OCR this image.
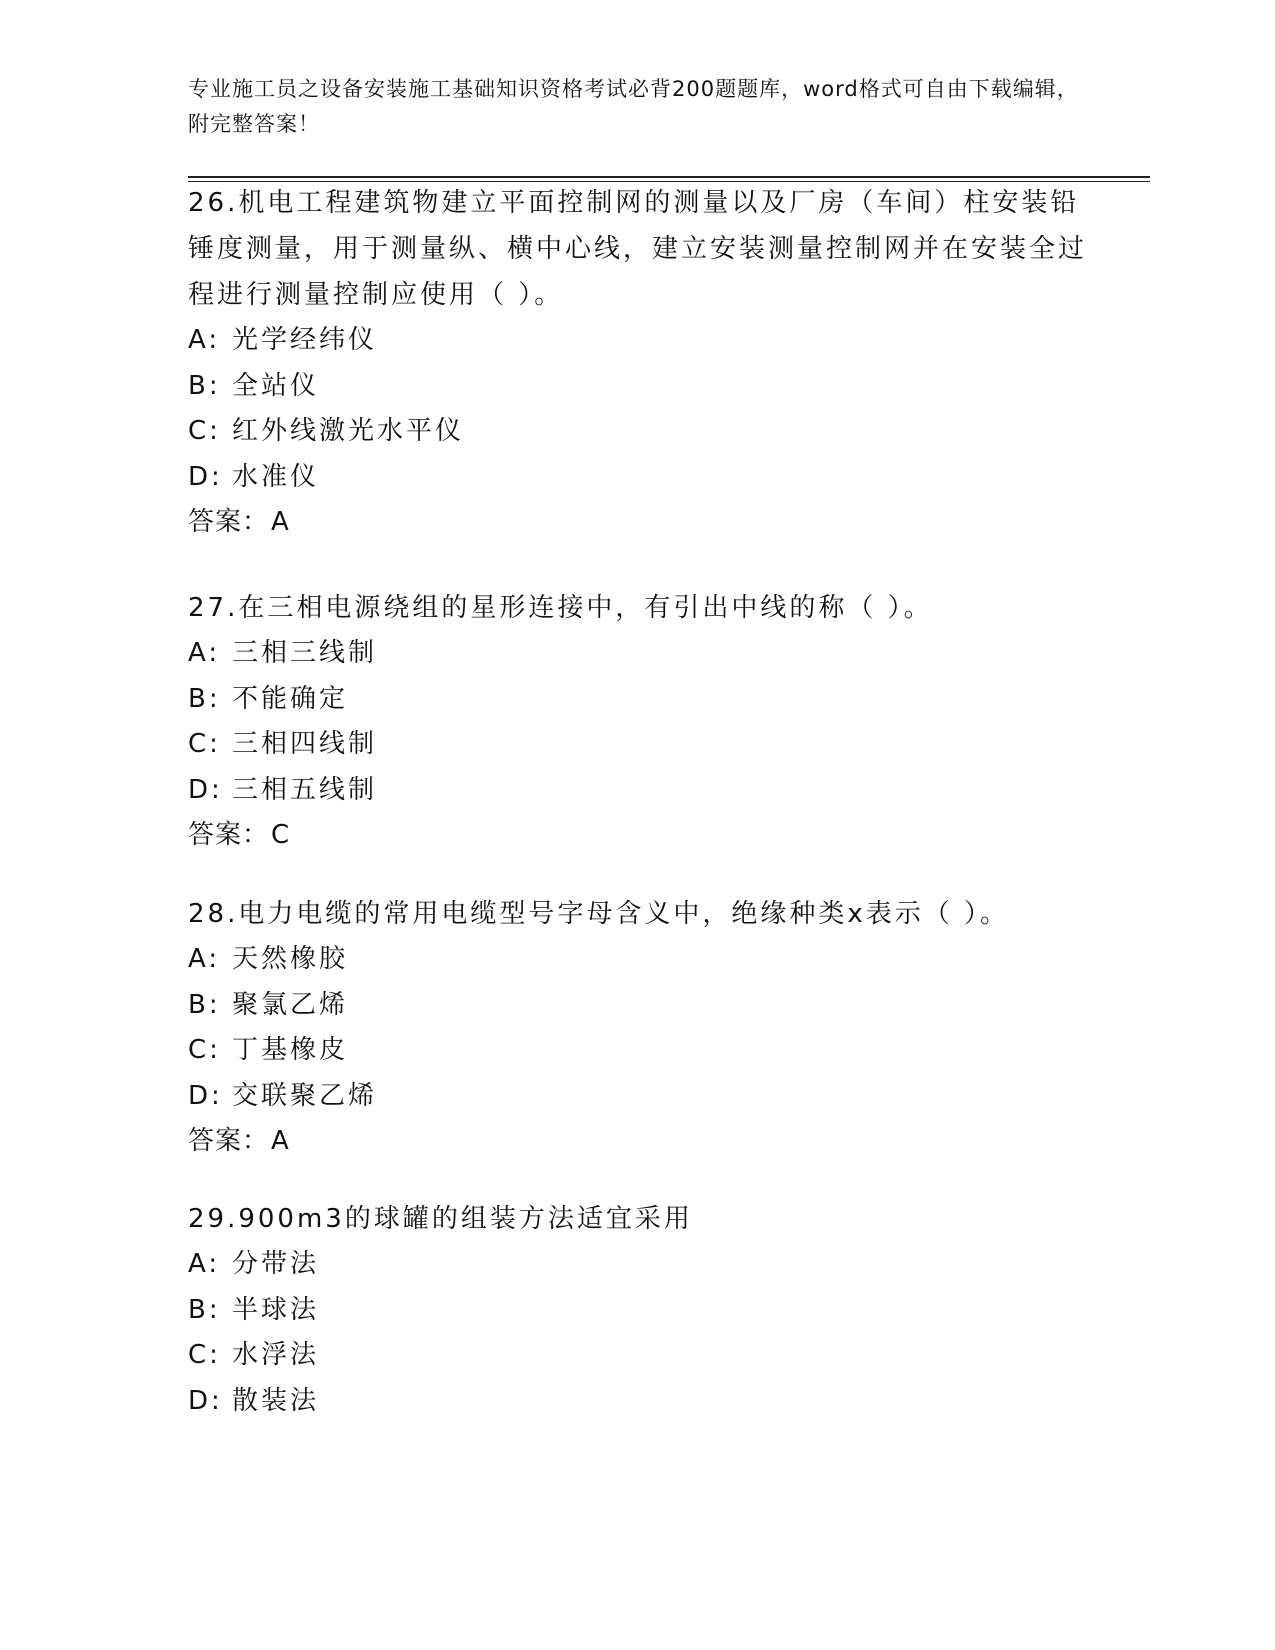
专业施工员之设备安装施工基础知识资格考试必背200题题库，word格式可自由下载编辑，附完整答案！

26.机电工程建筑物建立平面控制网的测量以及厂房（车间）柱安装铅锤度测量，用于测量纵、横中心线，建立安装测量控制网并在安装全过程进行测量控制应使用（ ）。

A: 光学经纬仪

B: 全站仪

C: 红外线激光水平仪

D: 水准仪

答案：A

27.在三相电源绕组的星形连接中，有引出中线的称（ ）。

A: 三相三线制

B: 不能确定

C: 三相四线制

D: 三相五线制

答案：C

28.电力电缆的常用电缆型号字母含义中，绝缘种类x表示（ ）。

A: 天然橡胶

B: 聚氯乙烯

C: 丁基橡皮

D: 交联聚乙烯

答案：A

29.900m3的球罐的组装方法适宜采用

A: 分带法

B: 半球法

C: 水浮法

D: 散装法
